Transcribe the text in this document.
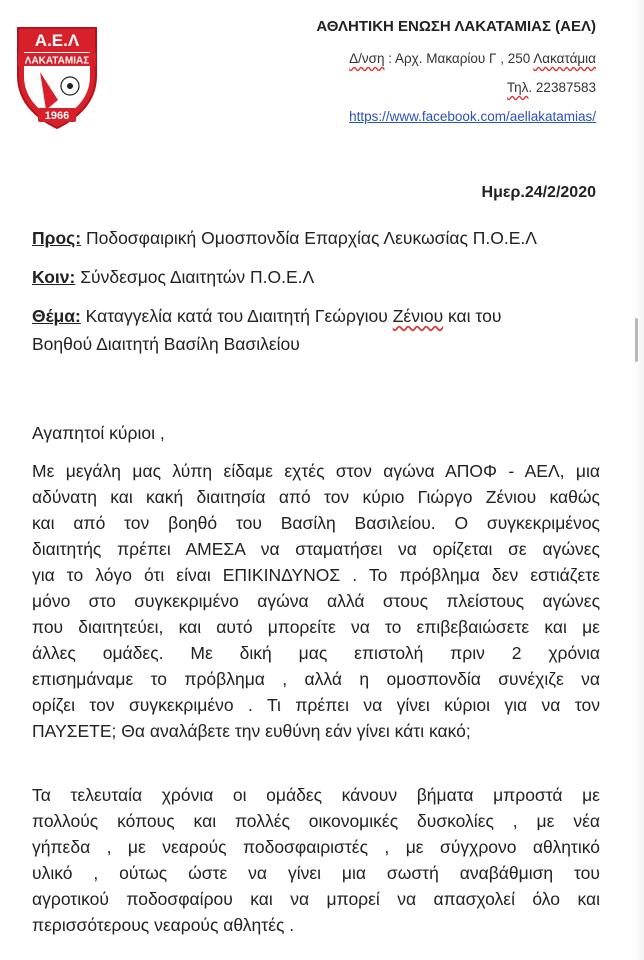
Α.Ε.Λ
ΛΑΚΑΤΑΜΙΑΣ
1966
ΑΘΛΗΤΙΚΗ ΕΝΩΣΗ ΛΑΚΑΤΑΜΙΑΣ (ΑΕΛ)
Δ/νση : Αρχ. Μακαρίου Γ , 250 Λακατάμια
Τηλ. 22387583
https://www.facebook.com/aellakatamias/
Ημερ.24/2/2020
Προς: Ποδοσφαιρική Ομοσπονδία Επαρχίας Λευκωσίας Π.Ο.Ε.Λ
Κοιν: Σύνδεσμος Διαιτητών Π.Ο.Ε.Λ
Θέμα: Καταγγελία κατά του Διαιτητή Γεώργιου Ζένιου και του
Βοηθού Διαιτητή Βασίλη Βασιλείου
Αγαπητοί κύριοι ,
Με μεγάλη μας λύπη είδαμε εχτές στον αγώνα ΑΠΟΦ - ΑΕΛ, μια
αδύνατη και κακή διαιτησία από τον κύριο Γιώργο Ζένιου καθώς
και από τον βοηθό του Βασίλη Βασιλείου. Ο συγκεκριμένος
διαιτητής πρέπει ΑΜΕΣΑ να σταματήσει να ορίζεται σε αγώνες
για το λόγο ότι είναι ΕΠΙΚΙΝΔΥΝΟΣ . Το πρόβλημα δεν εστιάζετε
μόνο στο συγκεκριμένο αγώνα αλλά στους πλείστους αγώνες
που διαιτητεύει, και αυτό μπορείτε να το επιβεβαιώσετε και με
άλλες ομάδες. Με δική μας επιστολή πριν 2 χρόνια
επισημάναμε το πρόβλημα , αλλά η ομοσπονδία συνέχιζε να
ορίζει τον συγκεκριμένο . Τι πρέπει να γίνει κύριοι για να τον
ΠΑΥΣΕΤΕ; Θα αναλάβετε την ευθύνη εάν γίνει κάτι κακό;
Τα τελευταία χρόνια οι ομάδες κάνουν βήματα μπροστά με
πολλούς κόπους και πολλές οικονομικές δυσκολίες , με νέα
γήπεδα , με νεαρούς ποδοσφαιριστές , με σύγχρονο αθλητικό
υλικό , ούτως ώστε να γίνει μια σωστή αναβάθμιση του
αγροτικού ποδοσφαίρου και να μπορεί να απασχολεί όλο και
περισσότερους νεαρούς αθλητές .
